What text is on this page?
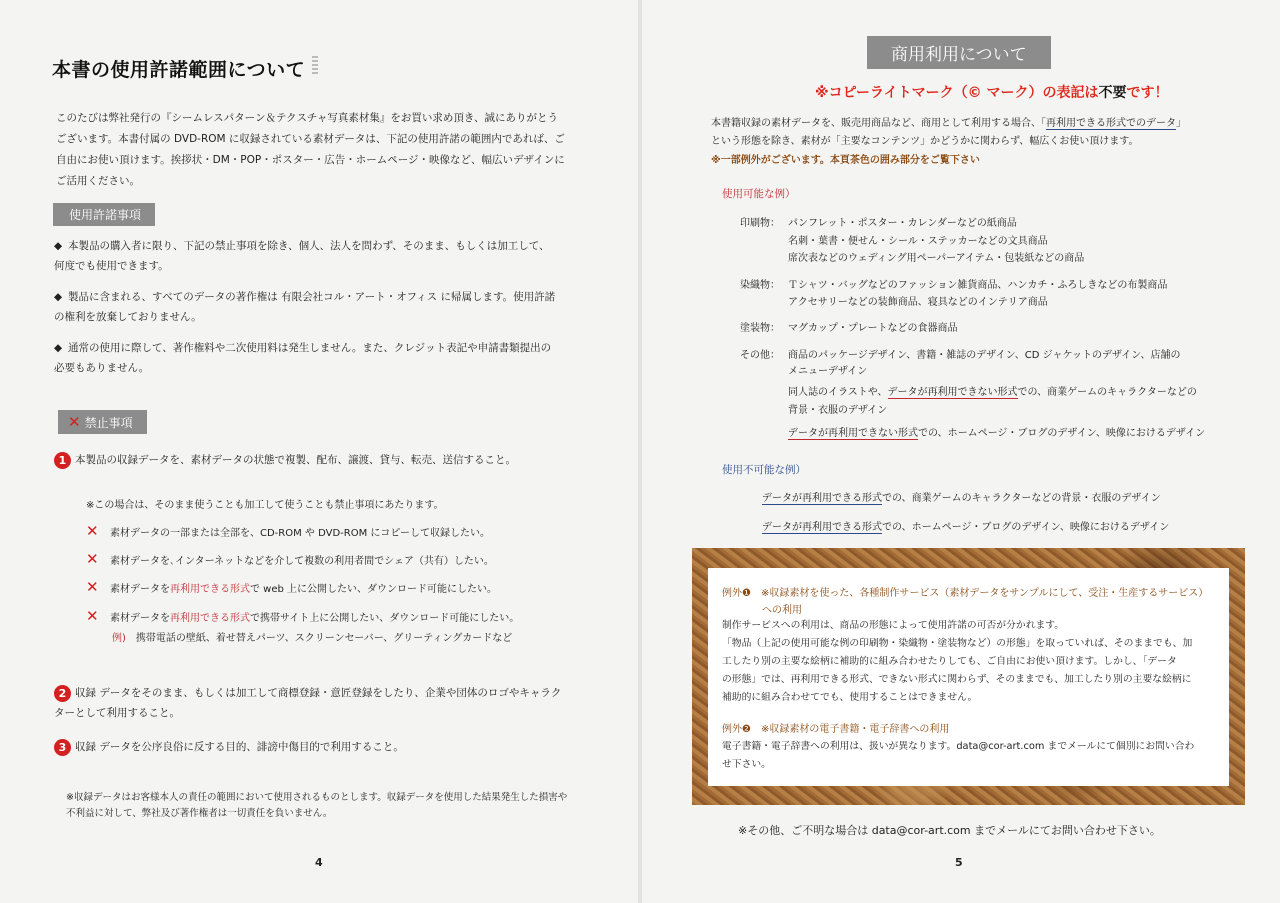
本書の使用許諾範囲について
このたびは弊社発行の『シームレスパターン＆テクスチャ写真素材集』をお買い求め頂き、誠にありがとうございます。本書付属の DVD-ROM に収録されている素材データは、下記の使用許諾の範囲内であれば、ご自由にお使い頂けます。挨拶状・DM・POP・ポスター・広告・ホームページ・映像など、幅広いデザインにご活用ください。
使用許諾事項
◆ 本製品の購入者に限り、下記の禁止事項を除き、個人、法人を問わず、そのまま、もしくは加工して、何度でも使用できます。
◆ 製品に含まれる、すべてのデータの著作権は 有限会社コル・アート・オフィス に帰属します。使用許諾の権利を放棄しておりません。
◆ 通常の使用に際して、著作権料や二次使用料は発生しません。また、クレジット表記や申請書類提出の必要もありません。
✕ 禁止事項
1 本製品の収録データを、素材データの状態で複製、配布、譲渡、貸与、転売、送信すること。
※この場合は、そのまま使うことも加工して使うことも禁止事項にあたります。
✕ 素材データの一部または全部を、CD-ROM や DVD-ROM にコピーして収録したい。
✕ 素材データを､インターネットなどを介して複数の利用者間でシェア（共有）したい。
✕ 素材データを再利用できる形式で web 上に公開したい、ダウンロード可能にしたい。
✕ 素材データを再利用できる形式で携帯サイト上に公開したい、ダウンロード可能にしたい。
例)　 携帯電話の壁紙、着せ替えパーツ、スクリーンセーバー、グリーティングカードなど
2 収録 データをそのまま、もしくは加工して商標登録・意匠登録をしたり、企業や団体のロゴやキャラクターとして利用すること。
3 収録 データを公序良俗に反する目的、誹謗中傷目的で利用すること。
※収録データはお客様本人の責任の範囲において使用されるものとします。収録データを使用した結果発生した損害や不利益に対して、弊社及び著作権者は一切責任を負いません。
4
商用利用について
※コピーライトマーク（© マーク）の表記は不要です！
本書籍収録の素材データを、販売用商品など、商用として利用する場合、「再利用できる形式でのデータ」
という形態を除き、素材が「主要なコンテンツ」かどうかに関わらず、幅広くお使い頂けます。
※一部例外がございます。本頁茶色の囲み部分をご覧下さい
使用可能な例）
印刷物： パンフレット・ポスター・カレンダーなどの紙商品
名刺・葉書・便せん・シール・ステッカーなどの文具商品
席次表などのウェディング用ペーパーアイテム・包装紙などの商品
染織物： Ｔシャツ・バッグなどのファッション雑貨商品、ハンカチ・ふろしきなどの布製商品
アクセサリーなどの装飾商品、寝具などのインテリア商品
塗装物： マグカップ・プレートなどの食器商品
その他： 商品のパッケージデザイン、書籍・雑誌のデザイン、CD ジャケットのデザイン、店舗の
メニューデザイン
同人誌のイラストや、データが再利用できない形式での、商業ゲームのキャラクターなどの
背景・衣服のデザイン
データが再利用できない形式での、ホームページ・ブログのデザイン、映像におけるデザイン
使用不可能な例）
データが再利用できる形式での、商業ゲームのキャラクターなどの背景・衣服のデザイン
データが再利用できる形式での、ホームページ・ブログのデザイン、映像におけるデザイン
例外❶　※収録素材を使った、各種制作サービス（素材データをサンプルにして、受注・生産するサービス）
への利用
制作サービスへの利用は、商品の形態によって使用許諾の可否が分かれます。
「物品（上記の使用可能な例の印刷物・染織物・塗装物など）の形態」を取っていれば、そのままでも、加
工したり別の主要な絵柄に補助的に組み合わせたりしても、ご自由にお使い頂けます。しかし、「データ
の形態」では、再利用できる形式、できない形式に関わらず、そのままでも、加工したり別の主要な絵柄に
補助的に組み合わせてでも、使用することはできません。
例外❷　※収録素材の電子書籍・電子辞書への利用
電子書籍・電子辞書への利用は、扱いが異なります。data@cor-art.com までメールにて個別にお問い合わ
せ下さい。
※その他、ご不明な場合は data@cor-art.com までメールにてお問い合わせ下さい。
5
